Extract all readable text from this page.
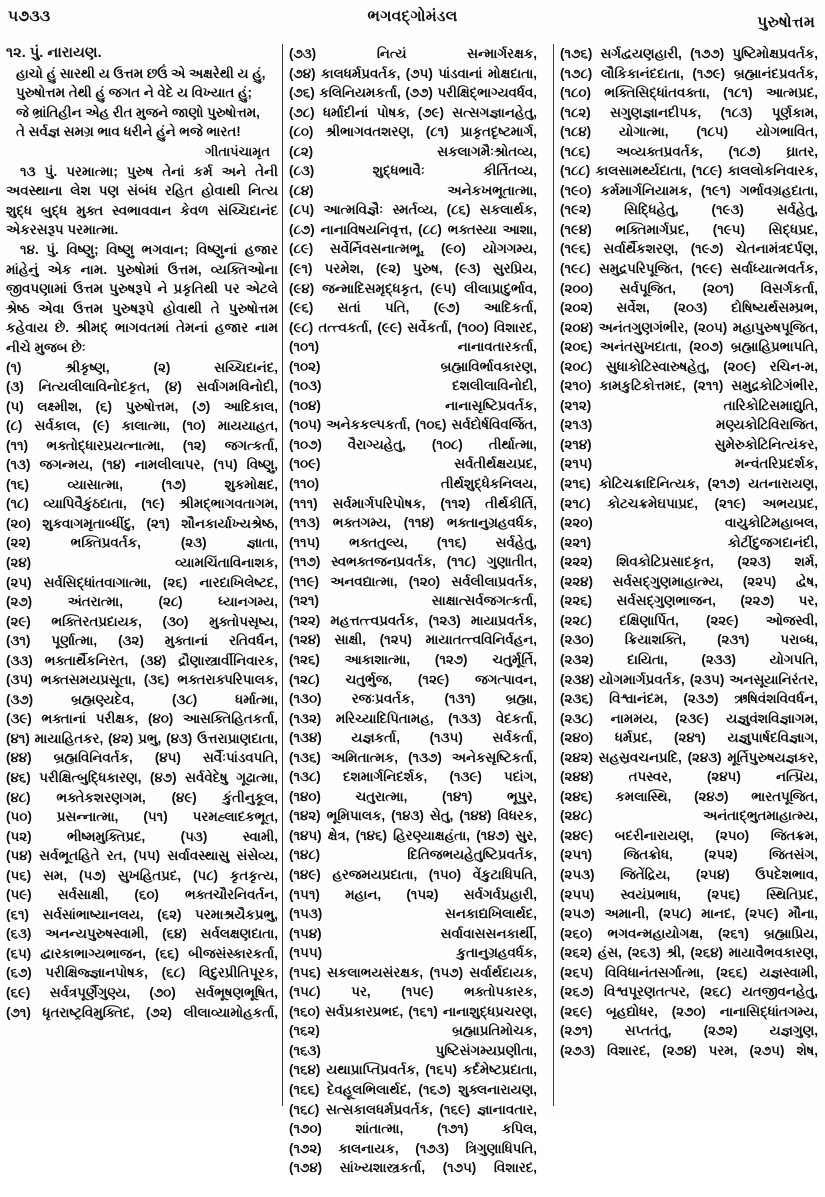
૫૭૩૩	ભગવદ્ગોમંડલ	પુરુષોત્તમ
૧૨. પું. નારાયણ.
હાચો હું સારથી ય ઉત્તમ છઉં એ અક્ષરેથી ય હું,
પુરુષોત્તમ તેથી હું જગત ને વેદે ય વિખ્યાત હું;
જે ભ્રાંતિહીન એહ રીત મુજને જાણો પુરુષોત્તમ,
તે સર્વજ્ઞ સમગ્ર ભાવ ધરીને હુંને ભજે ભારત!
ગીતાપંચામૃત
૧૩ પું. પરમાત્મા; પુરુષ તેનાં કર્મ અને તેની અવસ્થાના લેશ પણ સંબંધ રહિત હોવાથી નિત્ય શુદ્ધ બુદ્ધ મુક્ત સ્વભાવવાન કેવળ સંચ્ચિદાનંદ એકરસરૂપ પરમાત્મા.
૧૪. પું. વિષ્ણુ; વિષ્ણુ ભગવાન; વિષ્ણુનાં હજાર માંહેનું એક નામ. પુરુષોમાં ઉત્તમ, વ્યક્તિઓના જીવપણામાં ઉત્તમ પુરુષરૂપે ને પ્રકૃતિથી પર એટલે શ્રેષ્ઠ એવા ઉત્તમ પુરુષરૂપે હોવાથી તે પુરુષોત્તમ કહેવાય છે. શ્રીમદ્ ભાગવતમાં તેમનાં હજાર નામ નીચે મુજબ છેઃ
(૧) શ્રીકૃષ્ણ,	(૨) સચ્ચિદાનંદ, (૩) નિત્યલીલાવિનોદકૃત, (૪) સર્વાગમવિનોદી, (૫) લક્ષ્મીશ, (૬) પુરુષોત્તમ, (૭) આદિકાલ, (૮) સર્વકાલ, (૯) કાલાત્મા, (૧૦) માયયાહત, (૧૧) ભક્તોદ્ધારપ્રયત્નાત્મા, (૧૨) જગત્કર્તા, (૧૩) જગન્મય, (૧૪) નામલીલાપર, (૧૫) વિષ્ણુ, (૧૬) વ્યાસાત્મા,	(૧૭) શુકમોક્ષદ, (૧૮) વ્યાપિવૈકુંઠદાતા, (૧૯) શ્રીમદ્ભાગવતાગમ, (૨૦) શુકવાગમૃતાબ્ધીંદુ, (૨૧) શૌનકાર્યાખ્યશ્રેષ્ઠ, (૨૨) ભક્તિપ્રવર્તક,	(૨૩) જ્ઞાતા, (૨૪) વ્યામચિંતાવિનાશક, (૨૫) સર્વસિદ્ધાંતવાગાત્મા, (૨૬) નારદાખિલેષ્ટદ, (૨૭) અંતરાત્મા,	(૨૮) ધ્યાનગમ્ય, (૨૯) ભક્તિરતપ્રદાયક, (૩૦) મુક્તોપસૃષ્ય, (૩૧) પૂર્ણાત્મા, (૩૨) મુક્તાનાં રતિવર્ધન, (૩૩) ભક્તાર્થૈકનિરત, (૩૪) દ્રૌણાસ્ત્રાર્વીનિવારક, (૩૫) ભક્તસમયપ્રસૂતા, (૩૬) ભક્તરાક્પરિપાલક, (૩૭) બ્રહ્મણ્યદેવ,	(૩૮) ધર્માત્મા, (૩૯) ભક્તાનાં પરીક્ષક, (૪૦) આસક્તિહિતકર્તા, (૪૧) માયાહિતકર, (૪૨) પ્રભુ, (૪૩) ઉત્તરાપ્રાણદાતા, (૪૪) બ્રહ્મવિનિવર્તક, (૪૫) સર્વૈઃપાંડવપતિ, (૪૬) પરીક્ષિત્બુદ્ધિકારણ, (૪૭) સર્વવેદેષુ ગૂઢાત્મા, (૪૮) ભક્તેકશરણગમ, (૪૯) કુંતીનુકૂલ, (૫૦) પ્રસન્નાત્મા, (૫૧) પરમહ્લાદકભૂત, (૫૨) ભીષ્મમુક્તિપ્રદ,	(૫૩) સ્વામી, (૫૪) સર્વભૂતહિતે રત, (૫૫) સર્વાવસ્થાસુ સંસેવ્ય, (૫૬) સમ, (૫૭) સુખહિતપ્રદ, (૫૮) કૃતકૃત્ય, (૫૯) સર્વસાક્ષી, (૬૦) ભક્તચૌરનિવર્તન, (૬૧) સર્વસાંભાષ્યાનલય, (૬૨) પરમાશ્રયૈકપ્રભુ, (૬૩) અનન્યપુરુષસ્વામી, (૬૪) સર્વલક્ષણદાતા, (૬૫) દ્વારકાભાગ્યભાજન, (૬૬) બીજસંસ્કારકર્તા, (૬૭) પરીક્ષિજ્જ્ઞાનપોષક, (૬૮) વિદુરપ્રીતિપૂરક, (૬૯) સર્વત્રપૂર્ણૈગુણ્ય, (૭૦) સર્વભૂષણભૂષિત, (૭૧) ધૃતરાષ્ટ્રવિમુક્તિદ, (૭૨) લીલાવ્યામોહકર્તા,
(૭૩) નિત્યં સન્માર્ગરક્ષક, (૭૪) કાલધર્મપ્રવર્તક, (૭૫) પાંડવાનાં મોક્ષદાતા, (૭૬) કલિનિયમકર્તા, (૭૭) પરીક્ષિદ્ભાગ્યવર્ધવ, (૭૮) ધર્માદીનાં પોષક, (૭૯) સત્સગજ્ઞાનહેતુ, (૮૦) શ્રીભાગવતશરણ, (૮૧) પ્રાકૃતદૃષ્ટમાર્ગ, (૮૨) સકલાગમૈઃશ્રોતવ્ય, (૮૩) શુદ્ધભાવૈઃ કીર્તિતવ્ય, (૮૪) અનેકખભૂતાત્મા, (૮૫) આત્મવિજ્ઞૈઃ સ્મર્તવ્ય, (૮૬) સકલાર્થક, (૮૭) નાનાવિષયનિવૃત્ત, (૮૮) ભક્તસ્યા આશા, (૮૯) સર્વેર્નિવસનાત્મભૂ, (૯૦) યોગગમ્ય, (૯૧) પરમેશ, (૯૨) પુરુષ, (૯૩) સુરપ્રિય, (૯૪) જન્માદિસમૃદ્ધકૃત, (૯૫) લીલાપ્રાદુર્ભાવ, (૯૬) સતાં પતિ, (૯૭) આદિકર્તા, (૯૮) તત્ત્વકર્તા, (૯૯) સર્વેકર્તા, (૧૦૦) વિશારદ, (૧૦૧) નાનાવતારકર્તા, (૧૦૨) બ્રહ્માવિર્ભાવકારણ, (૧૦૩) દશલીલાવિનોદી, (૧૦૪) નાનાસૃષ્ટિપ્રવર્તક, (૧૦૫) અનેકકલ્પકર્તા, (૧૦૬) સર્વદોર્ષવિવર્જિત, (૧૦૭) વૈરાગ્યહેતુ, (૧૦૮) તીર્થાત્મા, (૧૦૯) સર્વતીર્થક્ષયપ્રદ, (૧૧૦) તીર્થશુદ્ધેકનિલય, (૧૧૧) સર્વમાર્ગપરિપોષક, (૧૧૨) તીર્થકીર્તિ, (૧૧૩) ભક્તગમ્ય, (૧૧૪) ભક્તાનુગ્રહવર્ધક, (૧૧૫) ભક્તતુલ્ય, (૧૧૬) સર્વહેતુ, (૧૧૭) સ્વભક્તજનપ્રવર્તક, (૧૧૮) ગુણાતીત, (૧૧૯) અનવદ્યાત્મા, (૧૨૦) સર્વલીલાપ્રવર્તક, (૧૨૧) સાક્ષાત્સર્વજગત્કર્તા, (૧૨૨) મહત્તત્ત્વપ્રવર્તક, (૧૨૩) માયાપ્રવર્તક, (૧૨૪) સાક્ષી, (૧૨૫) માયાતત્ત્વવિનિર્વહન, (૧૨૬) આકાશાત્મા, (૧૨૭) ચતુર્મૂર્તિ, (૧૨૮) ચતુર્ભુજ, (૧૨૯) જગત્પાવન, (૧૩૦) રજઃપ્રવર્તક, (૧૩૧) બ્રહ્મા, (૧૩૨) મરિચ્યાદિપિતામહ, (૧૩૩) વેદકર્તા, (૧૩૪) યજ્ઞકર્તા, (૧૩૫) સર્વકર્તા, (૧૩૬) અમિતાત્મક, (૧૩૭) અનેકસૃષ્ટિકર્તા, (૧૩૮) દશમાર્ગનિદર્શક, (૧૩૯) પદાંગ, (૧૪૦) ચતુરાત્મા,	(૧૪૧) ભૂપુર, (૧૪૨) ભૂમિપાલક, (૧૪૩) સેતુ, (૧૪૪) વિધરક, (૧૪૫) ક્ષેત્ર, (૧૪૬) હિરણ્યાક્ષહંતા, (૧૪૭) સુર, (૧૪૮) દિતિજભયહેતુષ્ટિપ્રવર્તક, (૧૪૯) હરજમયપ્રદાતા, (૧૫૦) વેંકુટાધિપતિ, (૧૫૧) મહાન, (૧૫૨) સર્વગર્વપ્રહારી, (૧૫૩) સનકાદ્યખિલાર્થદ, (૧૫૪) સર્વાવાસસનકાર્થી, (૧૫૫) કુતાનુગ્રહવર્ધક, (૧૫૬) સકલાભયસંરક્ષક, (૧૫૭) સર્વાર્થદાયક, (૧૫૮) પર, (૧૫૯) ભક્તોપકારક, (૧૬૦) સર્વપ્રકારપ્રભદ, (૧૬૧) નાનાશુદ્ધપ્રચરણ, (૧૬૨) બ્રહ્માપ્રતિમોચક, (૧૬૩) પુષ્ટિસંગમ્યપ્રણીતા, (૧૬૪) યથાપ્રાપ્તિપ્રવર્તક, (૧૬૫) કર્દમેષ્ટપ્રદાતા, (૧૬૬) દેવહૂલભિલાર્થદ, (૧૬૭) શુક્લનારાયણ, (૧૬૮) સત્સકાલધર્મપ્રવર્તક, (૧૬૯) જ્ઞાનાવતાર, (૧૭૦) શાંતાત્મા,	(૧૭૧) કપિલ, (૧૭૨) કાલનાયક, (૧૭૩) ત્રિગુણાધિપતિ, (૧૭૪) સાંખ્યશાસ્ત્રકર્તા, (૧૭૫) વિશારદ,
(૧૭૬) સર્ગદ્વયણહારી, (૧૭૭) પુષ્ટિમોક્ષપ્રવર્તક, (૧૭૮) લૌકિકાનંદદાતા, (૧૭૯) બ્રહ્માનંદપ્રવર્તક, (૧૮૦) ભક્તિસિદ્ધાંતવક્તા, (૧૮૧) આત્મપ્રદ, (૧૮૨) સગુણજ્ઞાનદીપક, (૧૮૩) પૂર્ણકામ, (૧૮૪) યોગાત્મા, (૧૮૫) યોગભાવિત, (૧૮૬) અવ્યક્તપ્રવર્તક, (૧૮૭) ઘ્રાતર, (૧૮૮) કાલસામર્થ્યદાતા, (૧૮૯) કાલલોકનિવારક, (૧૯૦) કર્મમાર્ગનિયામક, (૧૯૧) ગર્ભાવગ્રહદાતા, (૧૯૨) સિદ્ધિહેતુ, (૧૯૩) સર્વહેતુ, (૧૯૪) ભક્તિમાર્ગપ્રદ, (૧૯૫) સિદ્ધપ્રદ, (૧૯૬) સર્વાર્થૈકશરણ, (૧૯૭) ચેતનામંત્રદર્પણ, (૧૯૮) સમુદ્રપરિપૂજિત, (૧૯૯) સર્વાધ્યાત્મવર્તક, (૨૦૦) સર્વપૂજિત, (૨૦૧) વિસર્ગકર્તા, (૨૦૨) સર્વેશ, (૨૦૩) દોષિષ્યર્થસમ્પ્રભ, (૨૦૪) અનંતગુણગંભીર, (૨૦૫) મહાપુરુષપૂજિત, (૨૦૬) અનંતસુખદાતા, (૨૦૭) બ્રહ્માહિપ્રભાપતિ, (૨૦૮) સુધાકોટિસ્વારુષહેતુ, (૨૦૯) રચિન-મ, (૨૧૦) કામકુટિકોત્તમદ, (૨૧૧) સમુદ્રકોટિગંભીર, (૨૧૨) તારિકોટિસમાદ્યુતિ, (૨૧૩) મણ્યકોટિવિરાજિત, (૨૧૪) સુમેરુકોટિનિત્યંકર, (૨૧૫) મન્વંતરિપ્રદર્શક, (૨૧૬) કોટિચક્રાદિનિત્યક, (૨૧૭) યતનારાયણ, (૨૧૮) કોટચક્રમેઘપાપ્રદ, (૨૧૯) અભયપ્રદ, (૨૨૦) વાયુકોટિમહાબલ, (૨૨૧) કોટીંદુજગદાનંદી, (૨૨૨) શિવકોટિપ્રસાદકૃત, (૨૨૩) શર્મ, (૨૨૪) સર્વસદ્ગુણમાહાત્મ્ય, (૨૨૫) દ્વેષ, (૨૨૬) સર્વસદ્ગુણભાજન, (૨૨૭) પર, (૨૨૮) દક્ષિણાર્પિત, (૨૨૯) ઓજસ્વી, (૨૩૦) ક્રિયાશક્તિ, (૨૩૧) પરાબ્ધ, (૨૩૨) દાયિતા,	(૨૩૩) યોગપતિ, (૨૩૪) યોગમાર્ગપ્રવર્તક, (૨૩૫) અનસૂયાનિરંતર, (૨૩૬) વિશ્વાનંદમ, (૨૩૭) ઋષિવંશવિવર્ધન, (૨૩૮) નામમય, (૨૩૯) યજ્ઞુવંશવિજ્ઞાગમ, (૨૪૦) ધર્મપ્રદ, (૨૪૧) યજ્ઞુપાર્ષદવિજ્ઞાગ, (૨૪૨) સહસ્રવચનપ્રદિ, (૨૪૩) મૂર્તિપુરુષયજ્ઞકર, (૨૪૪) તપસ્વર,	(૨૪૫) નત્પ્રિય, (૨૪૬) કમલાસ્થિ, (૨૪૭) ભારતપૂજિત, (૨૪૮) અનંતાદ્ભુતમાહાત્મ્ય, (૨૪૯) બદરીનારાયણ, (૨૫૦) જિતક્રમ, (૨૫૧) જિતક્રોધ, (૨૫૨) જિતસંગ, (૨૫૩) જિતેંદ્રિય, (૨૫૪) ઉપદેશભાવ, (૨૫૫) સ્વયંપ્રભાધ, (૨૫૬) સ્થિતિપ્રદ, (૨૫૭) અમાની, (૨૫૮) માનદ, (૨૫૯) મૌના, (૨૬૦) ભગવન્મહાયોગક્ષ, (૨૬૧) બ્રહ્માપ્રિય, (૨૬૨) હંસ, (૨૬૩) શ્રી, (૨૬૪) માયાવૈભવકારણ, (૨૬૫) વિવિધાનંતસર્ગાત્મા, (૨૬૬) યજ્ઞસ્વામી, (૨૬૭) વિશ્વપૂરણતત્પર, (૨૬૮) યતજીવનહેતુ, (૨૬૯) બૃહદ્યોધર, (૨૭૦) નાનાસિદ્ધાંતગમ્ય, (૨૭૧) સપ્તતંતુ, (૨૭૨) યજ્ઞગુણ, (૨૭૩) વિશારદ, (૨૭૪) પરમ, (૨૭૫) શેષ,
